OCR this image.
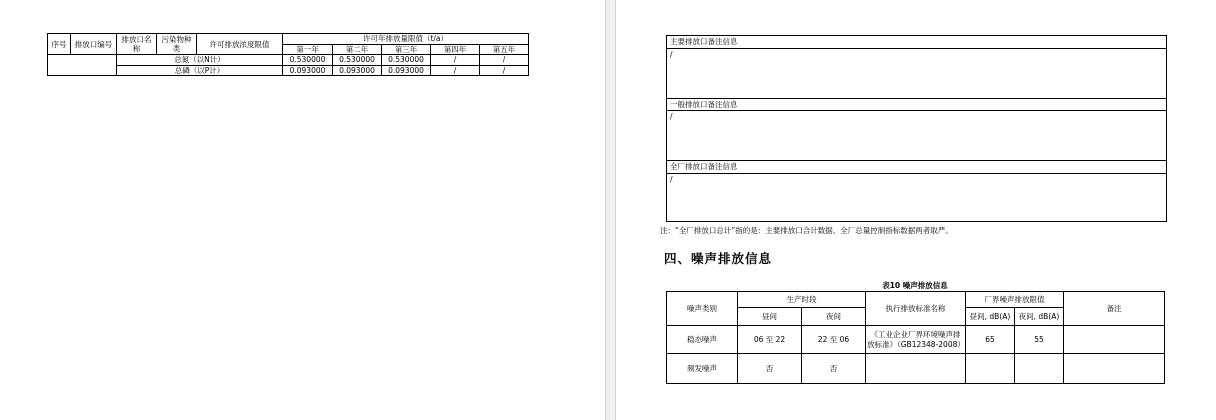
序号	排放口编号	排放口名称	污染物种类	许可排放浓度限值	许可年排放量限值（t/a）				
					第一年	第二年	第三年	第四年	第五年
		总氮（以N计）			0.530000	0.530000	0.530000	/	/
		总磷（以P计）			0.093000	0.093000	0.093000	/	/
主要排放口备注信息
/
一般排放口备注信息
/
全厂排放口备注信息
/
注：“全厂排放口总计”指的是：主要排放口合计数据、全厂总量控制指标数据两者取严。
四、噪声排放信息
表10 噪声排放信息
噪声类别	生产时段		执行排放标准名称	厂界噪声排放限值		备注
	昼间	夜间		昼间, dB(A)	夜间, dB(A)	
稳态噪声	06 至 22	22 至 06	《工业企业厂界环境噪声排放标准》（GB12348-2008）	65	55	
频发噪声	否	否				
